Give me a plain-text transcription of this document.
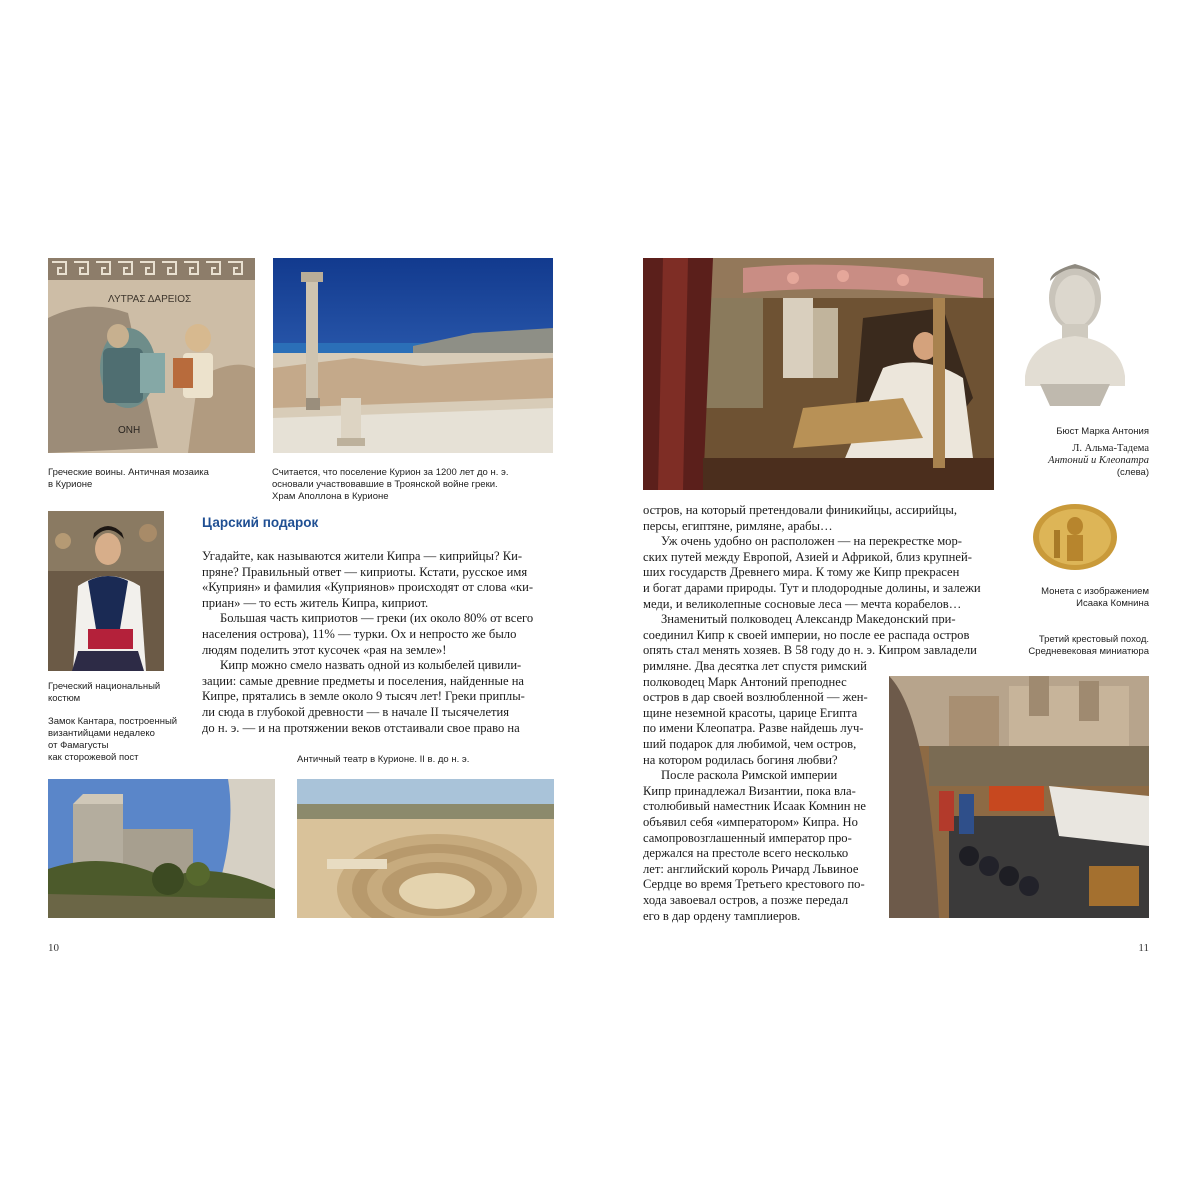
ΛΥΤΡΑΣ ΔΑΡΕΙΟΣ
ΟΝΗ
Греческие воины. Античная мозаика
в Курионе
Считается, что поселение Курион за 1200 лет до н. э.
основали участвовавшие в Троянской войне греки.
Храм Аполлона в Курионе
Греческий национальный
костюм
Замок Кантара, построенный
византийцами недалеко
от Фамагусты
как сторожевой пост
Царский подарок
Угадайте, как называются жители Кипра — киприйцы? Ки-
пряне? Правильный ответ — киприоты. Кстати, русское имя
«Куприян» и фамилия «Куприянов» происходят от слова «ки-
приан» — то есть житель Кипра, киприот.
Большая часть киприотов — греки (их около 80% от всего
населения острова), 11% — турки. Ох и непросто же было
людям поделить этот кусочек «рая на земле»!
Кипр можно смело назвать одной из колыбелей цивили-
зации: самые древние предметы и поселения, найденные на
Кипре, прятались в земле около 9 тысяч лет! Греки приплы-
ли сюда в глубокой древности — в начале II тысячелетия
до н. э. — и на протяжении веков отстаивали свое право на
Античный театр в Курионе. II в. до н. э.
10
Бюст Марка Антония
Л. Альма-Тадема
Антоний и Клеопатра
(слева)
Монета с изображением
Исаака Комнина
Третий крестовый поход.
Средневековая миниатюра
остров, на который претендовали финикийцы, ассирийцы,
персы, египтяне, римляне, арабы…
Уж очень удобно он расположен — на перекрестке мор-
ских путей между Европой, Азией и Африкой, близ крупней-
ших государств Древнего мира. К тому же Кипр прекрасен
и богат дарами природы. Тут и плодородные долины, и залежи
меди, и великолепные сосновые леса — мечта корабелов…
Знаменитый полководец Александр Македонский при-
соединил Кипр к своей империи, но после ее распада остров
опять стал менять хозяев. В 58 году до н. э. Кипром завладели
римляне. Два десятка лет спустя римский
полководец Марк Антоний преподнес
остров в дар своей возлюбленной — жен-
щине неземной красоты, царице Египта
по имени Клеопатра. Разве найдешь луч-
ший подарок для любимой, чем остров,
на котором родилась богиня любви?
После раскола Римской империи
Кипр принадлежал Византии, пока вла-
столюбивый наместник Исаак Комнин не
объявил себя «императором» Кипра. Но
самопровозглашенный император про-
держался на престоле всего несколько
лет: английский король Ричард Львиное
Сердце во время Третьего крестового по-
хода завоевал остров, а позже передал
его в дар ордену тамплиеров.
11
